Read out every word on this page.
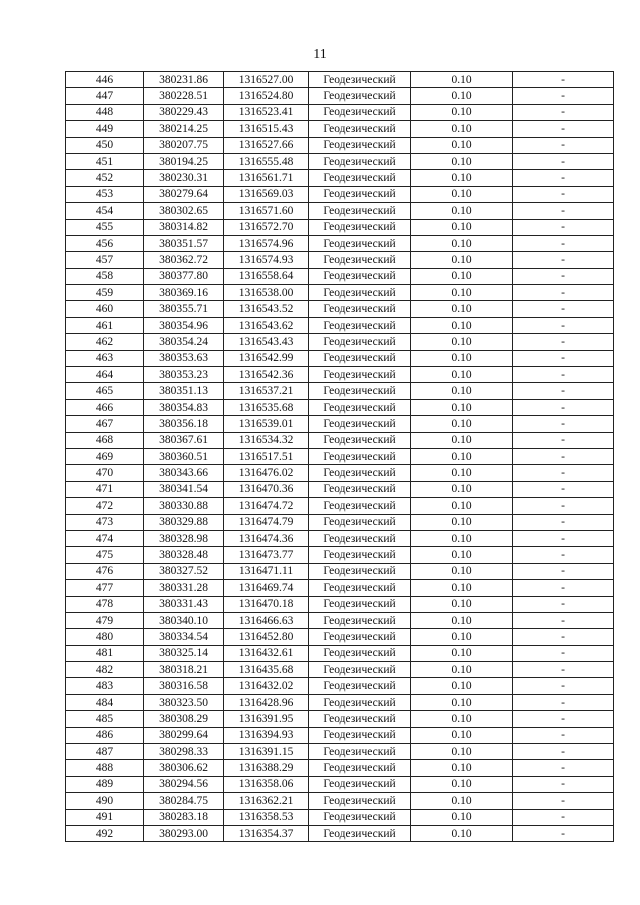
11
446	380231.86	1316527.00	Геодезический	0.10	-
447	380228.51	1316524.80	Геодезический	0.10	-
448	380229.43	1316523.41	Геодезический	0.10	-
449	380214.25	1316515.43	Геодезический	0.10	-
450	380207.75	1316527.66	Геодезический	0.10	-
451	380194.25	1316555.48	Геодезический	0.10	-
452	380230.31	1316561.71	Геодезический	0.10	-
453	380279.64	1316569.03	Геодезический	0.10	-
454	380302.65	1316571.60	Геодезический	0.10	-
455	380314.82	1316572.70	Геодезический	0.10	-
456	380351.57	1316574.96	Геодезический	0.10	-
457	380362.72	1316574.93	Геодезический	0.10	-
458	380377.80	1316558.64	Геодезический	0.10	-
459	380369.16	1316538.00	Геодезический	0.10	-
460	380355.71	1316543.52	Геодезический	0.10	-
461	380354.96	1316543.62	Геодезический	0.10	-
462	380354.24	1316543.43	Геодезический	0.10	-
463	380353.63	1316542.99	Геодезический	0.10	-
464	380353.23	1316542.36	Геодезический	0.10	-
465	380351.13	1316537.21	Геодезический	0.10	-
466	380354.83	1316535.68	Геодезический	0.10	-
467	380356.18	1316539.01	Геодезический	0.10	-
468	380367.61	1316534.32	Геодезический	0.10	-
469	380360.51	1316517.51	Геодезический	0.10	-
470	380343.66	1316476.02	Геодезический	0.10	-
471	380341.54	1316470.36	Геодезический	0.10	-
472	380330.88	1316474.72	Геодезический	0.10	-
473	380329.88	1316474.79	Геодезический	0.10	-
474	380328.98	1316474.36	Геодезический	0.10	-
475	380328.48	1316473.77	Геодезический	0.10	-
476	380327.52	1316471.11	Геодезический	0.10	-
477	380331.28	1316469.74	Геодезический	0.10	-
478	380331.43	1316470.18	Геодезический	0.10	-
479	380340.10	1316466.63	Геодезический	0.10	-
480	380334.54	1316452.80	Геодезический	0.10	-
481	380325.14	1316432.61	Геодезический	0.10	-
482	380318.21	1316435.68	Геодезический	0.10	-
483	380316.58	1316432.02	Геодезический	0.10	-
484	380323.50	1316428.96	Геодезический	0.10	-
485	380308.29	1316391.95	Геодезический	0.10	-
486	380299.64	1316394.93	Геодезический	0.10	-
487	380298.33	1316391.15	Геодезический	0.10	-
488	380306.62	1316388.29	Геодезический	0.10	-
489	380294.56	1316358.06	Геодезический	0.10	-
490	380284.75	1316362.21	Геодезический	0.10	-
491	380283.18	1316358.53	Геодезический	0.10	-
492	380293.00	1316354.37	Геодезический	0.10	-
